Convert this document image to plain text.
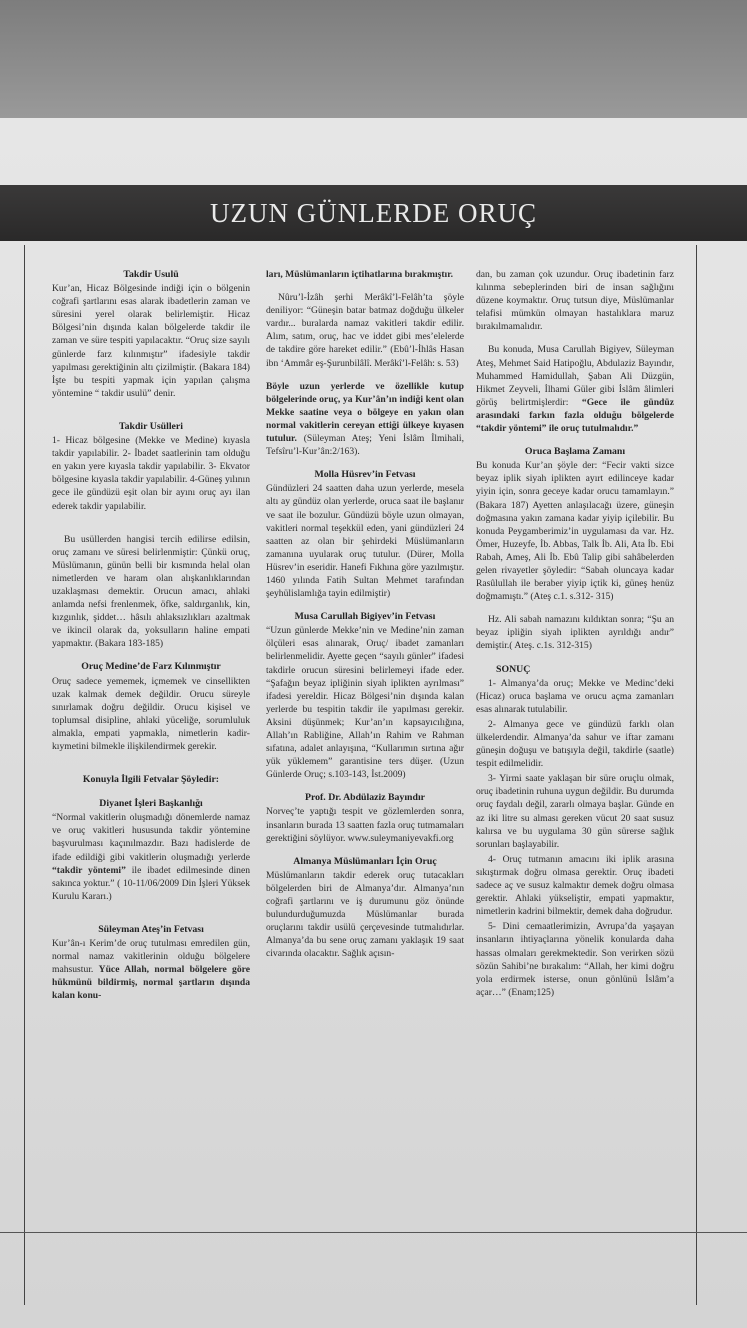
UZUN GÜNLERDE ORUÇ
Takdir Usulü

Kur’an, Hicaz Bölgesinde indiği için o bölgenin coğrafi şartlarını esas alarak ibadetlerin zaman ve süresini yerel olarak belirlemiştir. Hicaz Bölgesi’nin dışında kalan bölgelerde takdir ile zaman ve süre tespiti yapılacaktır. “Oruç size sayılı günlerde farz kılınmıştır” ifadesiyle takdir yapılması gerektiğinin altı çizilmiştir. (Bakara 184) İşte bu tespiti yapmak için yapılan çalışma yöntemine “ takdir usulü” denir.

Takdir Usülleri

1- Hicaz bölgesine (Mekke ve Medine) kıyasla takdir yapılabilir. 2- İbadet saatlerinin tam olduğu en yakın yere kıyasla takdir yapılabilir. 3- Ekvator bölgesine kıyasla takdir yapılabilir. 4-Güneş yılının gece ile gündüzü eşit olan bir ayını oruç ayı ilan ederek takdir yapılabilir.

Bu usüllerden hangisi tercih edilirse edilsin, oruç zamanı ve süresi belirlenmiştir: Çünkü oruç, Müslümanın, günün belli bir kısmında helal olan nimetlerden ve haram olan alışkanlıklarından uzaklaşması demektir. Orucun amacı, ahlaki anlamda nefsi frenlenmek, öfke, saldırganlık, kin, kızgınlık, şiddet… hâsılı ahlaksızlıkları azaltmak ve ikincil olarak da, yoksulların haline empati yapmaktır. (Bakara 183-185)

Oruç Medine’de Farz Kılınmıştır

Oruç sadece yememek, içmemek ve cinsellikten uzak kalmak demek değildir. Orucu süreyle sınırlamak doğru değildir. Orucu kişisel ve toplumsal disipline, ahlaki yüceliğe, sorumluluk almakla, empati yapmakla, nimetlerin kadir-kıymetini bilmekle ilişkilendirmek gerekir.

Konuyla İlgili Fetvalar Şöyledir:
Diyanet İşleri Başkanlığı

“Normal vakitlerin oluşmadığı dönemlerde namaz ve oruç vakitleri hususunda takdir yöntemine başvurulması kaçınılmazdır. Bazı hadislerde de ifade edildiği gibi vakitlerin oluşmadığı yerlerde “takdir yöntemi” ile ibadet edilmesinde dinen sakınca yoktur.” ( 10-11/06/2009 Din İşleri Yüksek Kurulu Kararı.)

Süleyman Ateş’in Fetvası

Kur’ân-ı Kerim’de oruç tutulması emredilen gün, normal namaz vakitlerinin olduğu bölgelere mahsustur. Yüce Allah, normal bölgelere göre hükmünü bildirmiş, normal şartların dışında kalan konu-

ları, Müslümanların içtihatlarına bırakmıştır.

Nûru’l-İzâh şerhi Merâkî’l-Felâh’ta şöyle deniliyor: “Güneşin batar batmaz doğduğu ülkeler vardır... buralarda namaz vakitleri takdir edilir. Alım, satım, oruç, hac ve iddet gibi mes’elelerde de takdire göre hareket edilir.” (Ebû’l-İhlâs Hasan ibn ‘Ammâr eş-Şurunbilâlî. Merâkî’l-Felâh: s. 53)

Böyle uzun yerlerde ve özellikle kutup bölgelerinde oruç, ya Kur’ân’ın indiği kent olan Mekke saatine veya o bölgeye en yakın olan normal vakitlerin cereyan ettiği ülkeye kıyasen tutulur. (Süleyman Ateş; Yeni İslâm İlmihali, Tefsîru’l-Kur’ân:2/163).

Molla Hüsrev’in Fetvası

Gündüzleri 24 saatten daha uzun yerlerde, mesela altı ay gündüz olan yerlerde, oruca saat ile başlanır ve saat ile bozulur. Gündüzü böyle uzun olmayan, vakitleri normal teşekkül eden, yani gündüzleri 24 saatten az olan bir şehirdeki Müslümanların zamanına uyularak oruç tutulur. (Dürer, Molla Hüsrev’in eseridir. Hanefi Fıkhına göre yazılmıştır. 1460 yılında Fatih Sultan Mehmet tarafından şeyhülislamlığa tayin edilmiştir)

Musa Carullah Bigiyev’in Fetvası

“Uzun günlerde Mekke’nin ve Medine’nin zaman ölçüleri esas alınarak, Oruç/ ibadet zamanları belirlenmelidir. Ayette geçen “sayılı günler” ifadesi takdirle orucun süresini belirlemeyi ifade eder. “Şafağın beyaz ipliğinin siyah iplikten ayrılması” ifadesi yereldir. Hicaz Bölgesi’nin dışında kalan yerlerde bu tespitin takdir ile yapılması gerekir. Aksini düşünmek; Kur’an’ın kapsayıcılığına, Allah’ın Rabliğine, Allah’ın Rahim ve Rahman sıfatına, adalet anlayışına, “Kullarımın sırtına ağır yük yüklemem” garantisine ters düşer. (Uzun Günlerde Oruç; s.103-143, İst.2009)

Prof. Dr. Abdülaziz Bayındır

Norveç’te yaptığı tespit ve gözlemlerden sonra, insanların burada 13 saatten fazla oruç tutmamaları gerektiğini söylüyor. www.suleymaniyevakfi.org

Almanya Müslümanları İçin Oruç

Müslümanların takdir ederek oruç tutacakları bölgelerden biri de Almanya’dır. Almanya’nın coğrafi şartlarını ve iş durumunu göz önünde bulundurduğumuzda Müslümanlar burada oruçlarını takdir usülü çerçevesinde tutmalıdırlar. Almanya’da bu sene oruç zamanı yaklaşık 19 saat civarında olacaktır. Sağlık açısın-

dan, bu zaman çok uzundur. Oruç ibadetinin farz kılınma sebeplerinden biri de insan sağlığını düzene koymaktır. Oruç tutsun diye, Müslümanlar telafisi mümkün olmayan hastalıklara maruz bırakılmamalıdır.

Bu konuda, Musa Carullah Bigiyev, Süleyman Ateş, Mehmet Said Hatipoğlu, Abdulaziz Bayındır, Muhammed Hamidullah, Şaban Ali Düzgün, Hikmet Zeyveli, İlhami Güler gibi İslâm âlimleri görüş belirtmişlerdir: “Gece ile gündüz arasındaki farkın fazla olduğu bölgelerde “takdir yöntemi” ile oruç tutulmalıdır.”

Oruca Başlama Zamanı

Bu konuda Kur’an şöyle der: “Fecir vakti sizce beyaz iplik siyah iplikten ayırt edilinceye kadar yiyin için, sonra geceye kadar orucu tamamlayın.” (Bakara 187) Ayetten anlaşılacağı üzere, güneşin doğmasına yakın zamana kadar yiyip içilebilir. Bu konuda Peygamberimiz’in uygulaması da var. Hz. Ömer, Huzeyfe, İb. Abbas, Talk İb. Ali, Ata İb. Ebi Rabah, Ameş, Ali İb. Ebû Talip gibi sahâbelerden gelen rivayetler şöyledir: “Sabah oluncaya kadar Rasûlullah ile beraber yiyip içtik ki, güneş henüz doğmamıştı.” (Ateş c.1. s.312- 315)

Hz. Ali sabah namazını kıldıktan sonra; “Şu an beyaz ipliğin siyah iplikten ayrıldığı andır” demiştir.( Ateş. c.1s. 312-315)

SONUÇ

1- Almanya’da oruç; Mekke ve Medinc’deki (Hicaz) oruca başlama ve orucu açma zamanları esas alınarak tutulabilir.

2- Almanya gece ve gündüzü farklı olan ülkelerdendir. Almanya’da sahur ve iftar zamanı güneşin doğuşu ve batışıyla değil, takdirle (saatle) tespit edilmelidir.

3- Yirmi saate yaklaşan bir süre oruçlu olmak, oruç ibadetinin ruhuna uygun değildir. Bu durumda oruç faydalı değil, zararlı olmaya başlar. Günde en az iki litre su alması gereken vücut 20 saat susuz kalırsa ve bu uygulama 30 gün sürerse sağlık sorunları başlayabilir.

4- Oruç tutmanın amacını iki iplik arasına sıkıştırmak doğru olmasa gerektir. Oruç ibadeti sadece aç ve susuz kalmaktır demek doğru olmasa gerektir. Ahlaki yükseliştir, empati yapmaktır, nimetlerin kadrini bilmektir, demek daha doğrudur.

5- Dini cemaatlerimizin, Avrupa’da yaşayan insanların ihtiyaçlarına yönelik konularda daha hassas olmaları gerekmektedir. Son verirken sözü sözün Sahibi’ne bırakalım: “Allah, her kimi doğru yola erdirmek isterse, onun gönlünü İslâm’a açar…” (Enam;125)
